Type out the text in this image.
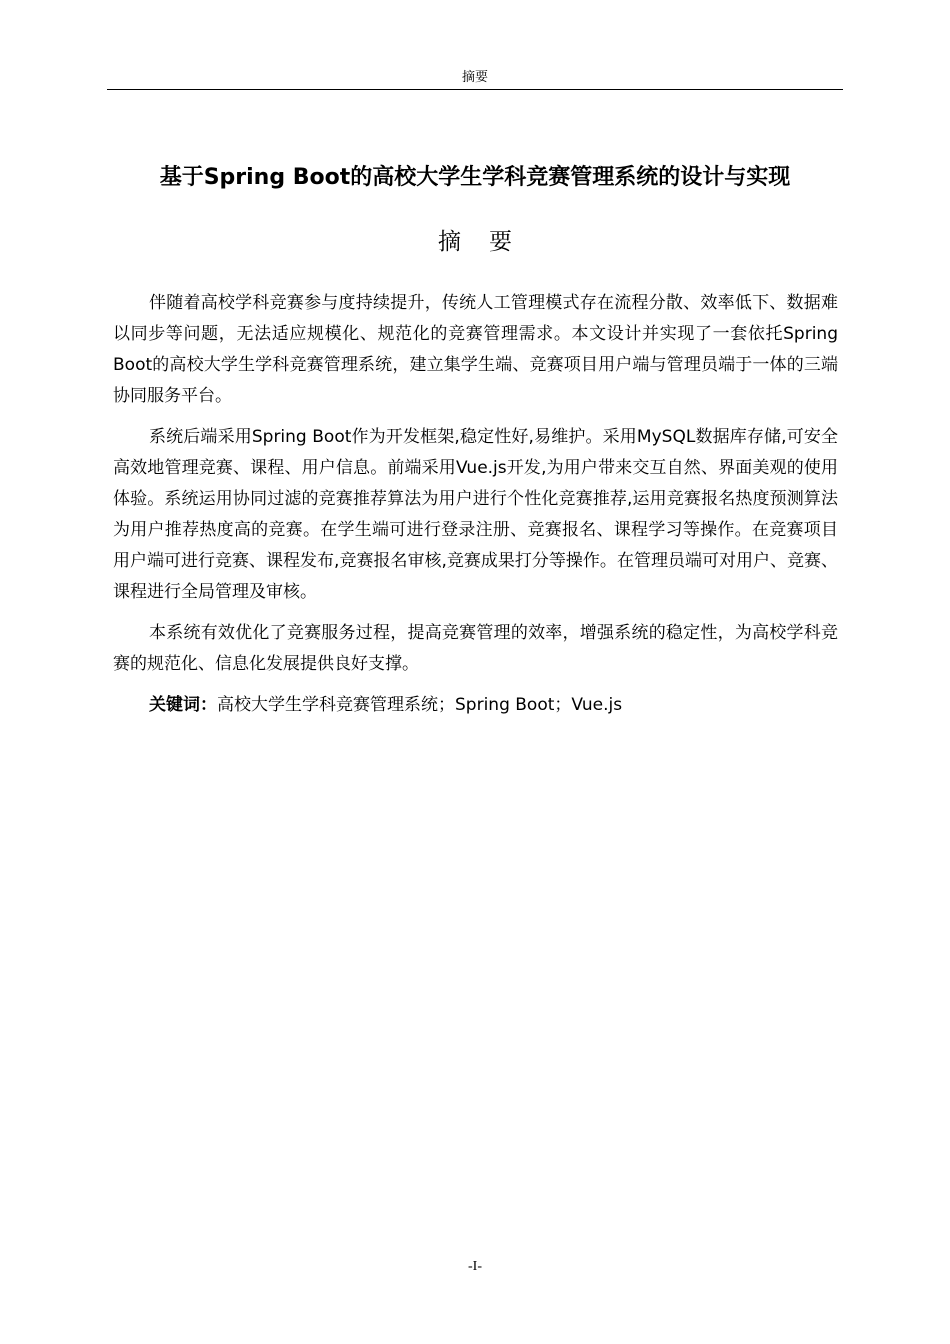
摘要
基于Spring Boot的高校大学生学科竞赛管理系统的设计与实现
摘要

伴随着高校学科竞赛参与度持续提升，传统人工管理模式存在流程分散、效率低下、数据难以同步等问题，无法适应规模化、规范化的竞赛管理需求。本文设计并实现了一套依托Spring Boot的高校大学生学科竞赛管理系统，建立集学生端、竞赛项目用户端与管理员端于一体的三端协同服务平台。

系统后端采用Spring Boot作为开发框架,稳定性好,易维护。采用MySQL数据库存储,可安全高效地管理竞赛、课程、用户信息。前端采用Vue.js开发,为用户带来交互自然、界面美观的使用体验。系统运用协同过滤的竞赛推荐算法为用户进行个性化竞赛推荐,运用竞赛报名热度预测算法为用户推荐热度高的竞赛。在学生端可进行登录注册、竞赛报名、课程学习等操作。在竞赛项目用户端可进行竞赛、课程发布,竞赛报名审核,竞赛成果打分等操作。在管理员端可对用户、竞赛、课程进行全局管理及审核。

本系统有效优化了竞赛服务过程，提高竞赛管理的效率，增强系统的稳定性，为高校学科竞赛的规范化、信息化发展提供良好支撑。

关键词：高校大学生学科竞赛管理系统；Spring Boot；Vue.js

-I-
